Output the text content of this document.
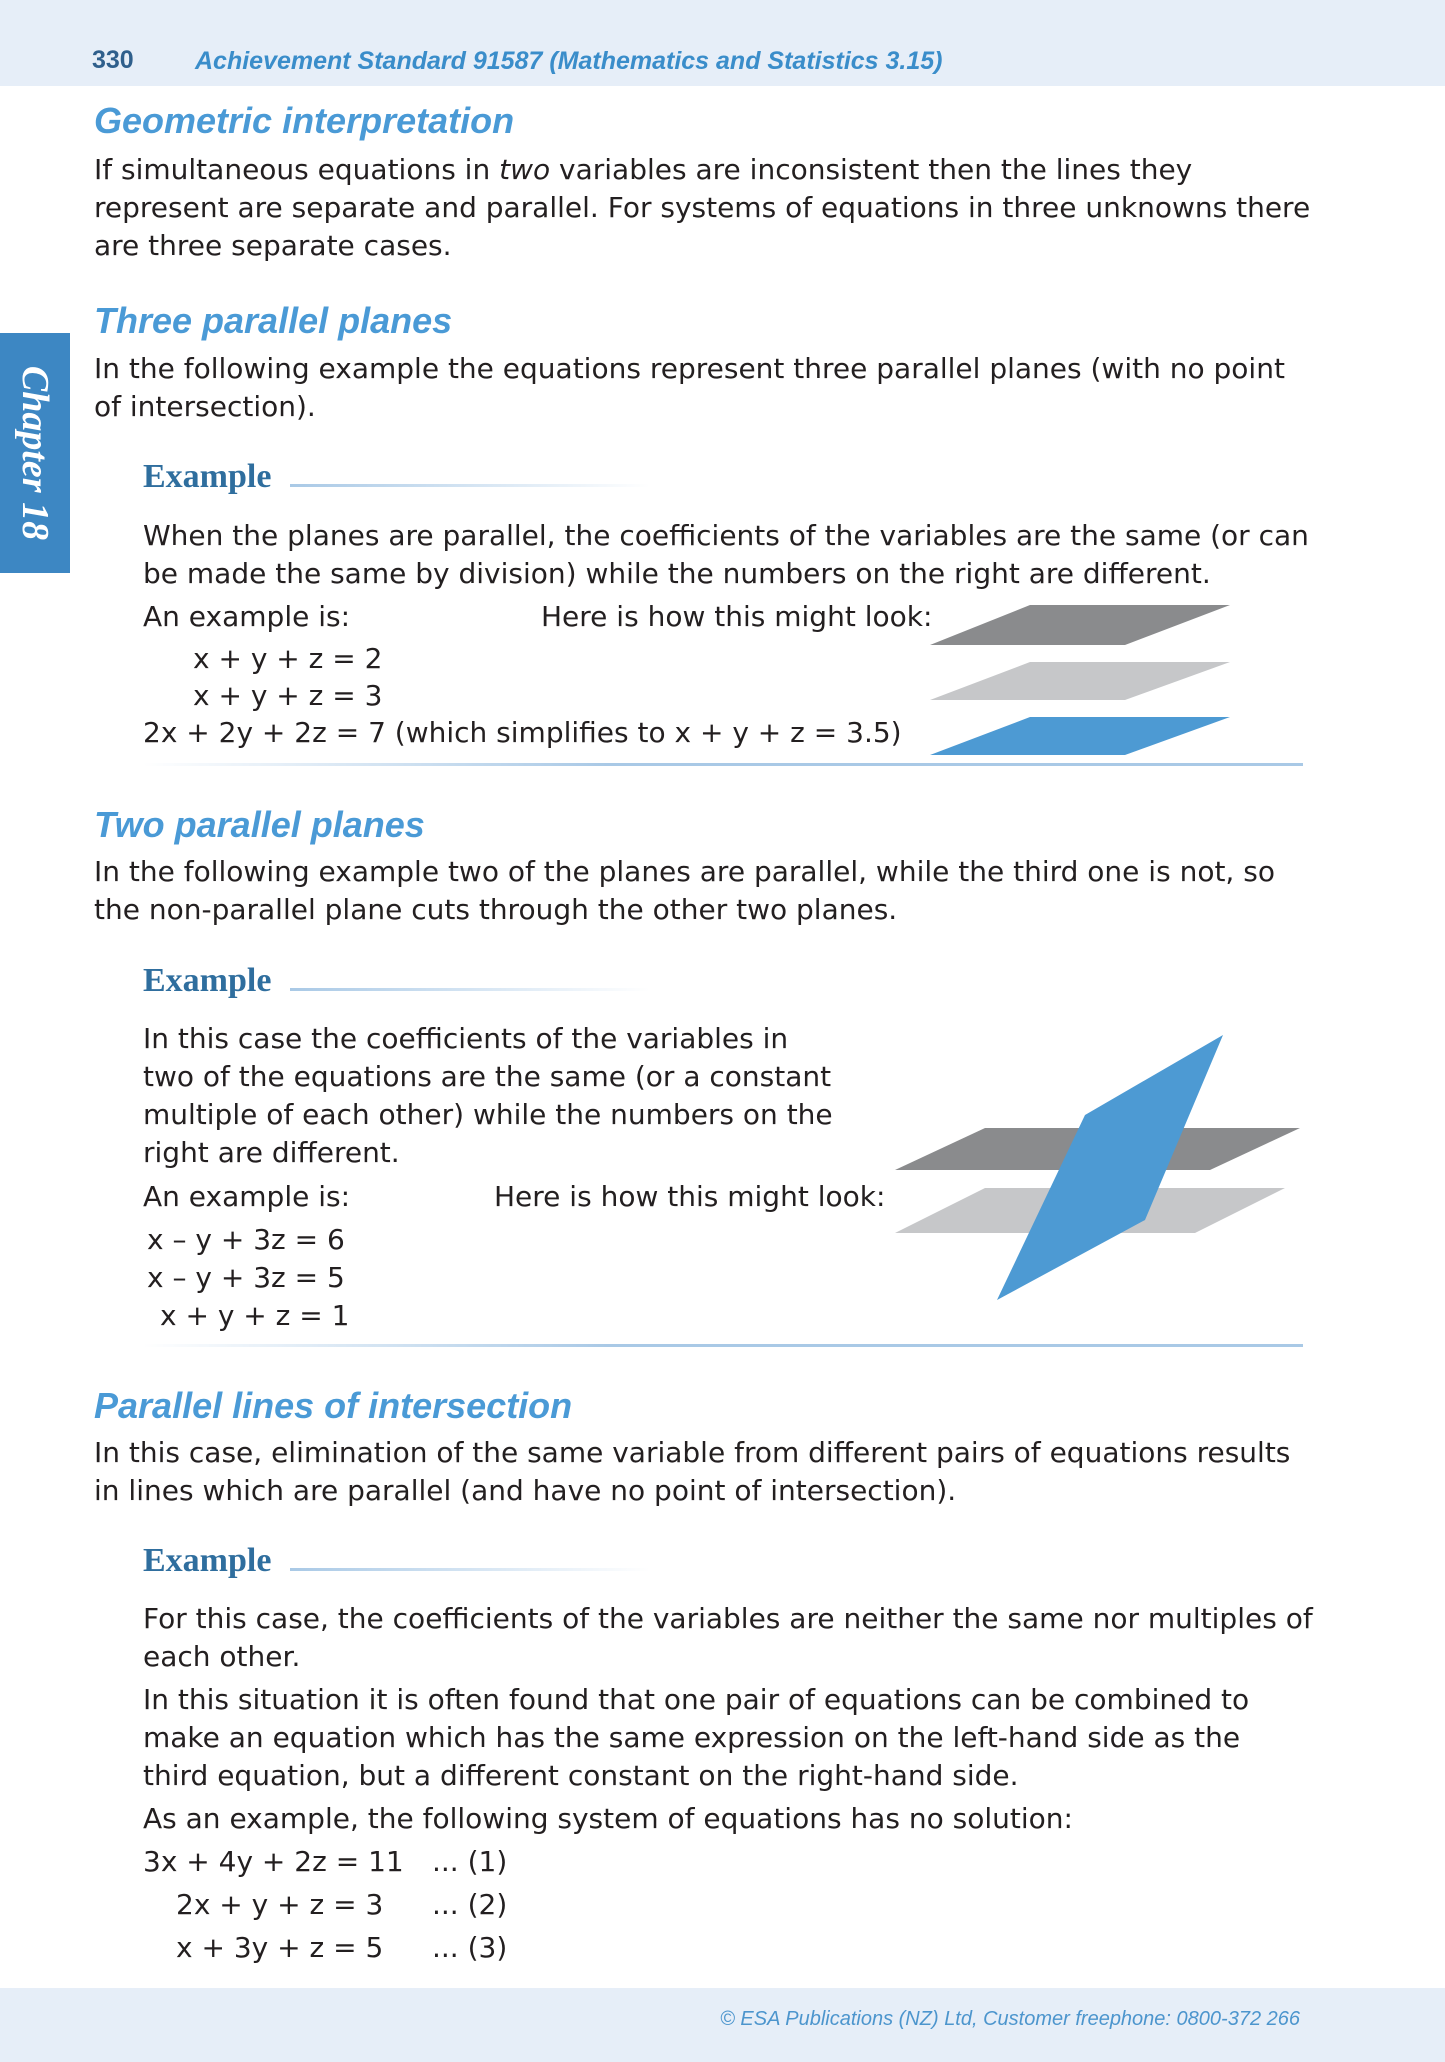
330 Achievement Standard 91587 (Mathematics and Statistics 3.15)
Chapter 18
Geometric interpretation

If simultaneous equations in two variables are inconsistent then the lines they represent are separate and parallel. For systems of equations in three unknowns there are three separate cases.

Three parallel planes

In the following example the equations represent three parallel planes (with no point of intersection).

Example

When the planes are parallel, the coefficients of the variables are the same (or can be made the same by division) while the numbers on the right are different.

An example is:	Here is how this might look:
x + y + z = 2
x + y + z = 3
2x + 2y + 2z = 7 (which simplifies to x + y + z = 3.5)
Two parallel planes

In the following example two of the planes are parallel, while the third one is not, so the non-parallel plane cuts through the other two planes.

Example

In this case the coefficients of the variables in two of the equations are the same (or a constant multiple of each other) while the numbers on the right are different.

An example is:	Here is how this might look:
x – y + 3z = 6
x – y + 3z = 5
x + y + z = 1
Parallel lines of intersection

In this case, elimination of the same variable from different pairs of equations results in lines which are parallel (and have no point of intersection).

Example

For this case, the coefficients of the variables are neither the same nor multiples of each other.

In this situation it is often found that one pair of equations can be combined to make an equation which has the same expression on the left-hand side as the third equation, but a different constant on the right-hand side.

As an example, the following system of equations has no solution:

3x + 4y + 2z = 11 ... (1)
2x + y + z = 3 ... (2)
x + 3y + z = 5 ... (3)
© ESA Publications (NZ) Ltd, Customer freephone: 0800-372 266
